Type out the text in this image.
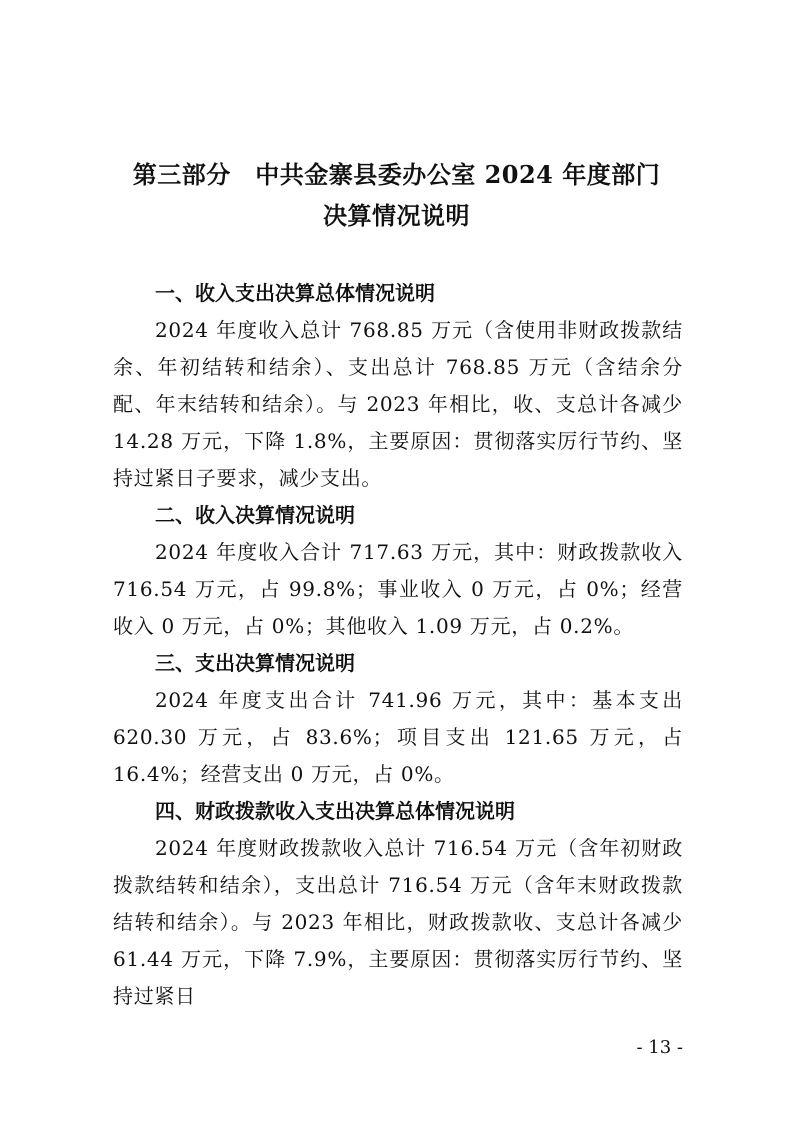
第三部分　中共金寨县委办公室 2024 年度部门
决算情况说明
一、收入支出决算总体情况说明
2024 年度收入总计 768.85 万元（含使用非财政拨款结余、年初结转和结余）、支出总计 768.85 万元（含结余分配、年末结转和结余）。与 2023 年相比，收、支总计各减少 14.28 万元，下降 1.8%，主要原因：贯彻落实厉行节约、坚持过紧日子要求，减少支出。
二、收入决算情况说明
2024 年度收入合计 717.63 万元，其中：财政拨款收入 716.54 万元，占 99.8%；事业收入 0 万元，占 0%；经营收入 0 万元，占 0%；其他收入 1.09 万元，占 0.2%。
三、支出决算情况说明
2024 年度支出合计 741.96 万元，其中：基本支出 620.30 万元，占 83.6%；项目支出 121.65 万元，占 16.4%；经营支出 0 万元，占 0%。
四、财政拨款收入支出决算总体情况说明
2024 年度财政拨款收入总计 716.54 万元（含年初财政拨款结转和结余），支出总计 716.54 万元（含年末财政拨款结转和结余）。与 2023 年相比，财政拨款收、支总计各减少 61.44 万元，下降 7.9%，主要原因：贯彻落实厉行节约、坚持过紧日
- 13 -
